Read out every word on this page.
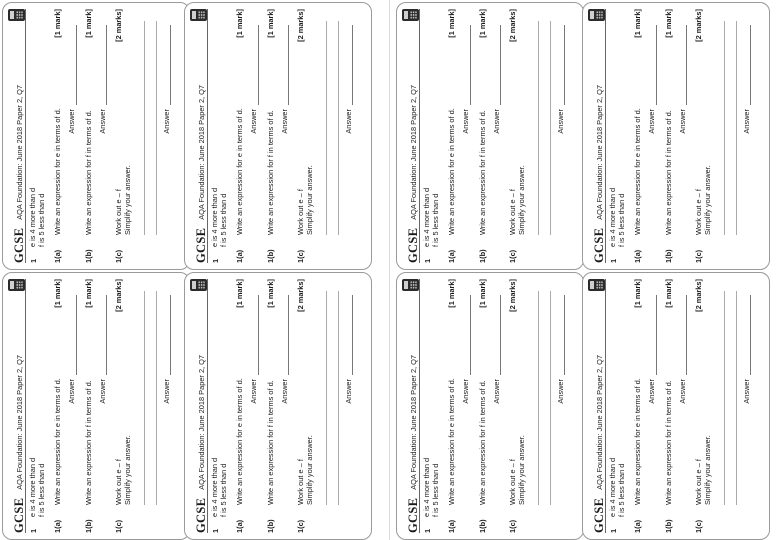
GCSE
AQA Foundation: June 2018 Paper 2, Q7
1
e is 4 more than d f is 5 less than d
1(a)
Write an expression for e in terms of d.
[1 mark]
Answer
1(b)
Write an expression for f in terms of d.
[1 mark]
Answer
1(c)
Work out e – f
Simplify your answer.
[2 marks]
Answer
GCSE
AQA Foundation: June 2018 Paper 2, Q7
1
e is 4 more than d f is 5 less than d
1(a)
Write an expression for e in terms of d.
[1 mark]
Answer
1(b)
Write an expression for f in terms of d.
[1 mark]
Answer
1(c)
Work out e – f
Simplify your answer.
[2 marks]
Answer
GCSE
AQA Foundation: June 2018 Paper 2, Q7
1
e is 4 more than d f is 5 less than d
1(a)
Write an expression for e in terms of d.
[1 mark]
Answer
1(b)
Write an expression for f in terms of d.
[1 mark]
Answer
1(c)
Work out e – f
Simplify your answer.
[2 marks]
Answer
GCSE
AQA Foundation: June 2018 Paper 2, Q7
1
e is 4 more than d f is 5 less than d
1(a)
Write an expression for e in terms of d.
[1 mark]
Answer
1(b)
Write an expression for f in terms of d.
[1 mark]
Answer
1(c)
Work out e – f
Simplify your answer.
[2 marks]
Answer
GCSE
AQA Foundation: June 2018 Paper 2, Q7
1
e is 4 more than d f is 5 less than d
1(a)
Write an expression for e in terms of d.
[1 mark]
Answer
1(b)
Write an expression for f in terms of d.
[1 mark]
Answer
1(c)
Work out e – f
Simplify your answer.
[2 marks]
Answer
GCSE
AQA Foundation: June 2018 Paper 2, Q7
1
e is 4 more than d f is 5 less than d
1(a)
Write an expression for e in terms of d.
[1 mark]
Answer
1(b)
Write an expression for f in terms of d.
[1 mark]
Answer
1(c)
Work out e – f
Simplify your answer.
[2 marks]
Answer
GCSE
AQA Foundation: June 2018 Paper 2, Q7
1
e is 4 more than d f is 5 less than d
1(a)
Write an expression for e in terms of d.
[1 mark]
Answer
1(b)
Write an expression for f in terms of d.
[1 mark]
Answer
1(c)
Work out e – f
Simplify your answer.
[2 marks]
Answer
GCSE
AQA Foundation: June 2018 Paper 2, Q7
1
e is 4 more than d f is 5 less than d
1(a)
Write an expression for e in terms of d.
[1 mark]
Answer
1(b)
Write an expression for f in terms of d.
[1 mark]
Answer
1(c)
Work out e – f
Simplify your answer.
[2 marks]
Answer
